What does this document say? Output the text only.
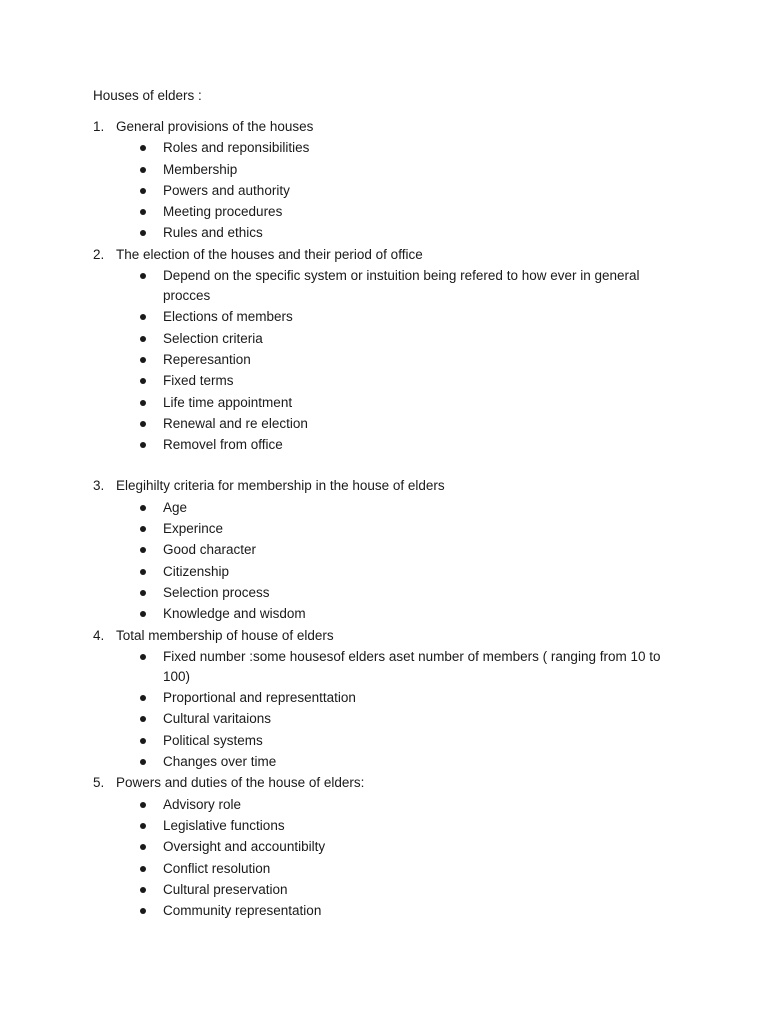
Houses of elders :
1. General provisions of the houses
Roles and reponsibilities
Membership
Powers and authority
Meeting procedures
Rules and ethics
2. The election of the houses and their period of office
Depend on the specific system or instuition being refered to how ever in general procces
Elections of members
Selection criteria
Reperesantion
Fixed terms
Life time appointment
Renewal and re election
Removel from office
3. Elegihilty criteria for membership in the house of elders
Age
Experince
Good character
Citizenship
Selection process
Knowledge and wisdom
4. Total membership of house of elders
Fixed number :some housesof elders aset number of members ( ranging from 10 to 100)
Proportional and representtation
Cultural varitaions
Political systems
Changes over time
5. Powers and duties of the house of elders:
Advisory role
Legislative functions
Oversight and accountibilty
Conflict resolution
Cultural preservation
Community representation
